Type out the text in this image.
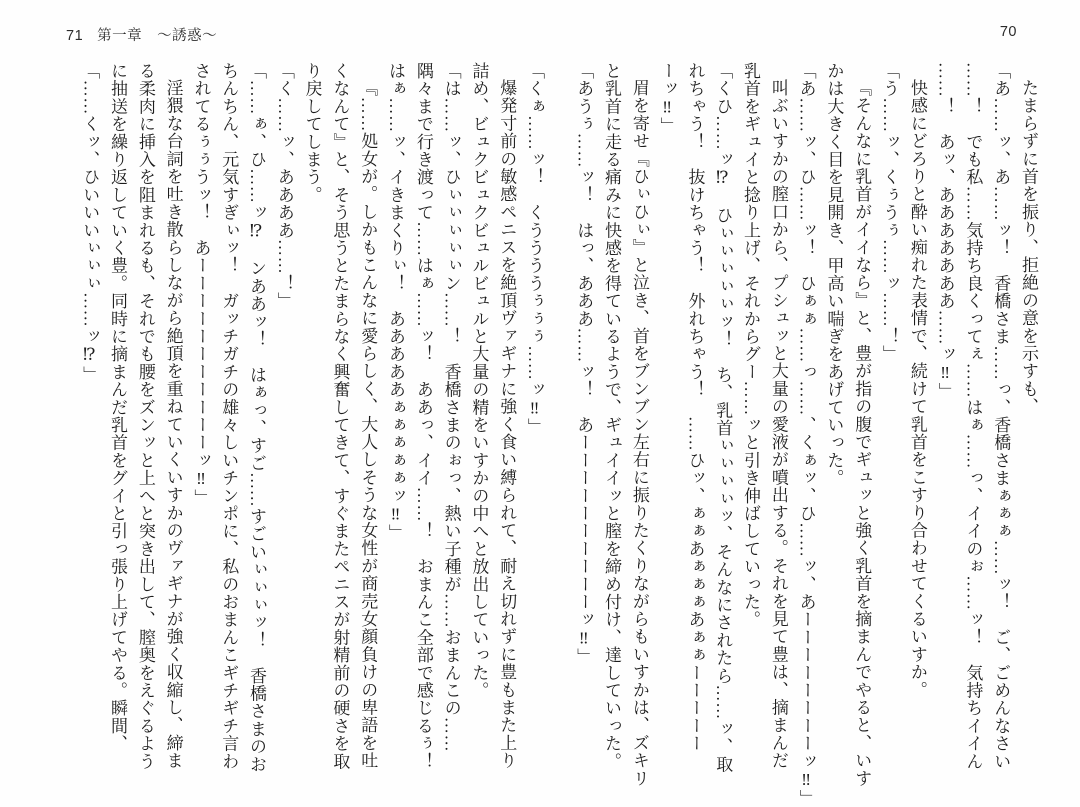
71 第一章　～誘惑～	70

たまらずに首を振り、拒絶の意を示すも、

「あ……ッ、あ……ッ！　香橋さま……っ、香橋さまぁぁぁ……ッ！　ご、ごめんなさい

……！　でも私……気持ち良くってぇ……はぁ……っ、イイのぉ……ッ！　気持ちイイん

……！　あッ、あああああああ……ッ‼」

快感にどろりと酔い痴れた表情で、続けて乳首をこすり合わせてくるいすか。

「う……ッ、くぅうぅ……ッ……！」

『そんなに乳首がイイなら』と、豊が指の腹でギュッと強く乳首を摘まんでやると、いす

かは大きく目を見開き、甲高い喘ぎをあげていった。

「あ……ッ、ひ……ッ！　ひぁぁ……っ……、くぁッ、ひ……ッ、あーーーーーーーーッ‼」

叫ぶいすかの膣口から、プシュッと大量の愛液が噴出する。それを見て豊は、摘まんだ

乳首をギュイと捻り上げ、それからグー……ッと引き伸ばしていった。

「くひ……ッ⁉　ひぃぃぃぃぃッ！　ち、乳首ぃぃぃぃッ、そんなにされたら……ッ、取

れちゃう！　抜けちゃう！　外れちゃう！　……ひッ、ぁぁあぁぁぁあぁぁーーーーー

ーッ‼」

眉を寄せ『ひぃひぃ』と泣き、首をブンブン左右に振りたくりながらもいすかは、ズキリ

と乳首に走る痛みに快感を得ているようで、ギュイイッと膣を締め付け、達していった。

「あうぅ……ッ！　はっ、あああ……ッ！　あーーーーーーーーーーッ‼」

「くぁ……ッ！　くううううぅぅぅ……ッ‼」

爆発寸前の敏感ペニスを絶頂ヴァギナに強く食い縛られて、耐え切れずに豊もまた上り

詰め、ビュクビュクビュルビュルと大量の精をいすかの中へと放出していった。

「は……ッ、ひぃぃぃぃぃン……！　香橋さまのぉっ、熱い子種が……おまんこの……

隅々まで行き渡って……はぁ……ッ！　ああっ、イイ……！　おまんこ全部で感じるぅ！

はぁ……ッ、イきまくりぃ！　あああああぁぁぁぁぁッ‼」

『……処女が。しかもこんなに愛らしく、大人しそうな女性が商売女顔負けの卑語を吐

くなんて』と、そう思うとたまらなく興奮してきて、すぐまたペニスが射精前の硬さを取

り戻してしまう。

「く……ッ、ああああ……！」

「……ぁ、ひ……ッ⁉　ンああッ！　はぁっ、すご……すごいぃぃぃッ！　香橋さまのお

ちんちん、元気すぎぃッ！　ガッチガチの雄々しいチンポに、私のおまんこギチギチ言わ

されてるぅぅうッ！　あーーーーーーーーーーーッ‼」

淫猥な台詞を吐き散らしながら絶頂を重ねていくいすかのヴァギナが強く収縮し、締ま

る柔肉に挿入を阻まれるも、それでも腰をズンッと上へと突き出して、膣奥をえぐるよう

に抽送を繰り返していく豊。同時に摘まんだ乳首をグイと引っ張り上げてやる。瞬間、

「……くッ、ひいいいぃぃぃ……ッ⁉」
